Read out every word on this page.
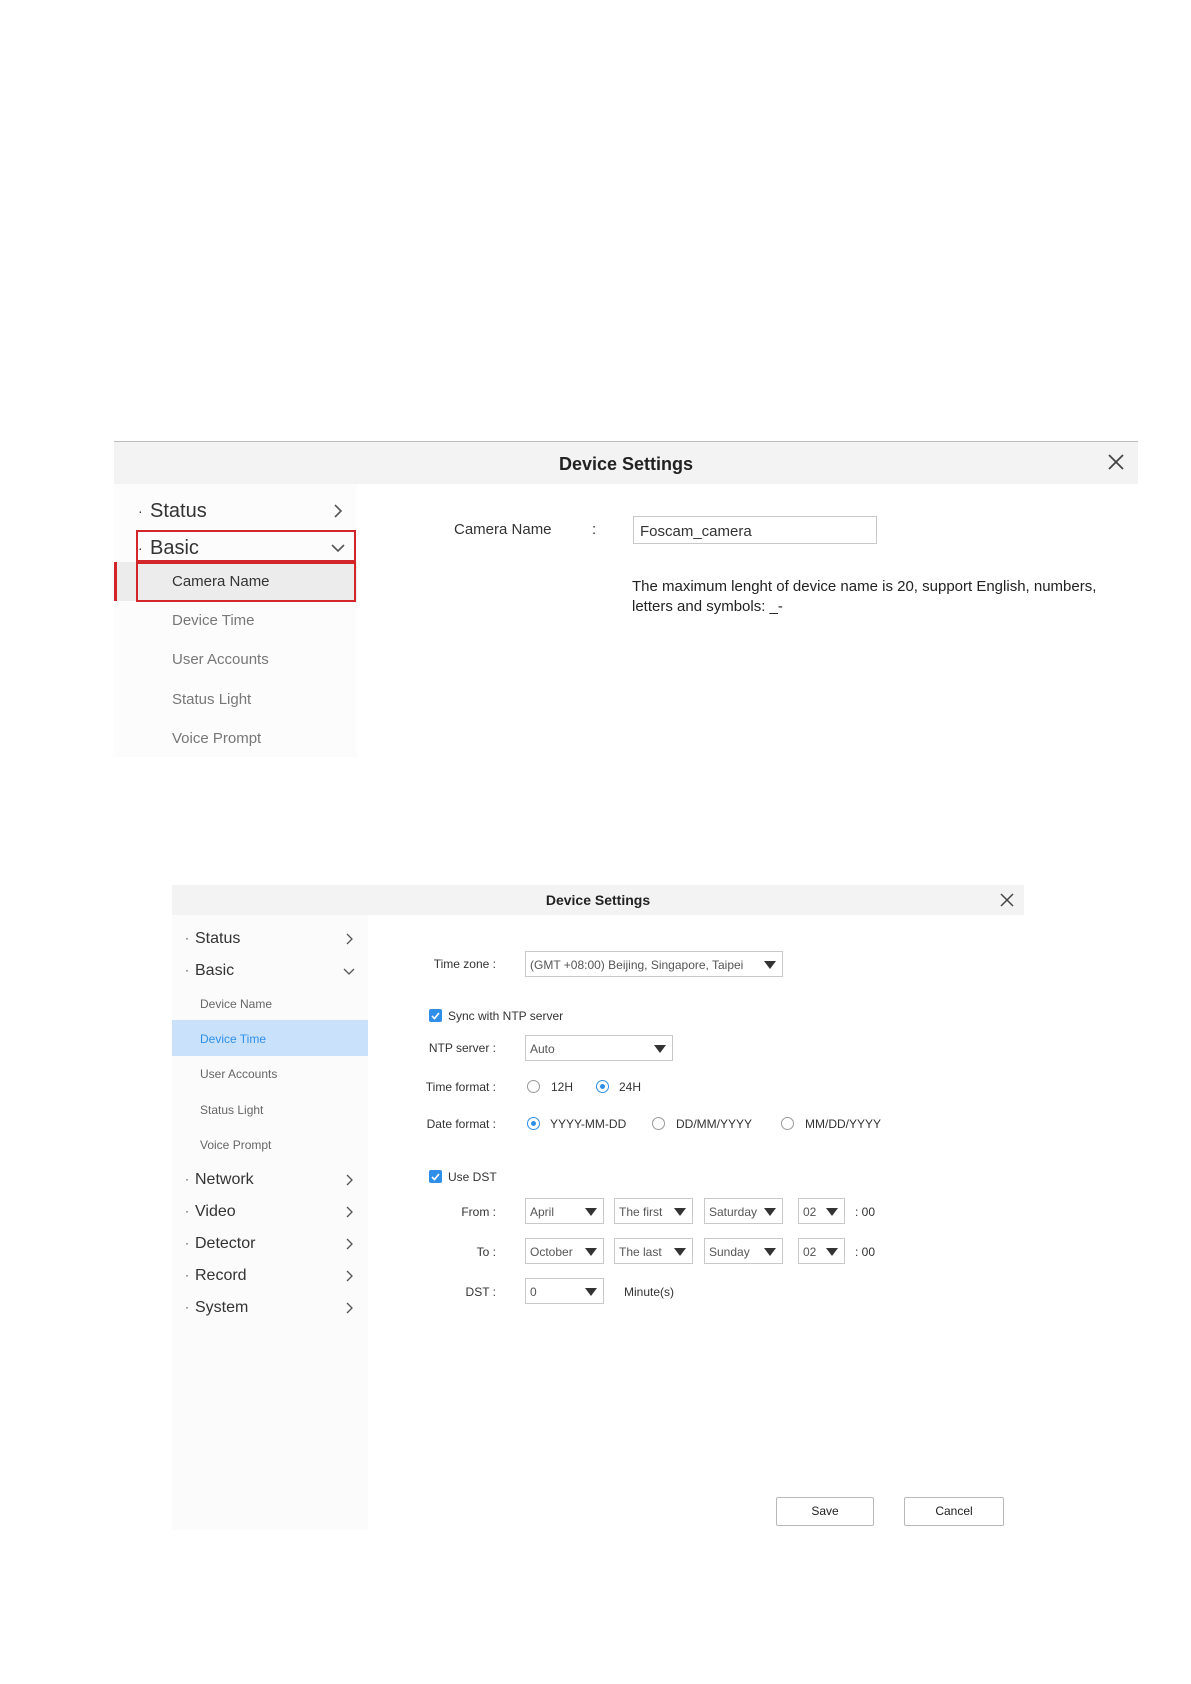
Device Settings
· Status
· Basic
Camera Name
Device Time
User Accounts
Status Light
Voice Prompt
Camera Name	:	Foscam_camera
The maximum lenght of device name is 20, support English, numbers, letters and symbols: _-
Device Settings
· Status
· Basic
Device Name
Device Time
User Accounts
Status Light
Voice Prompt
· Network
· Video
· Detector
· Record
· System
Time zone :	(GMT +08:00) Beijing, Singapore, Taipei
Sync with NTP server
NTP server :	Auto
Time format :	12H	24H
Date format :	YYYY-MM-DD	DD/MM/YYYY	MM/DD/YYYY
Use DST
From :	April	The first	Saturday	02	: 00
To :	October	The last	Sunday	02	: 00
DST :	0	Minute(s)
Save	Cancel
